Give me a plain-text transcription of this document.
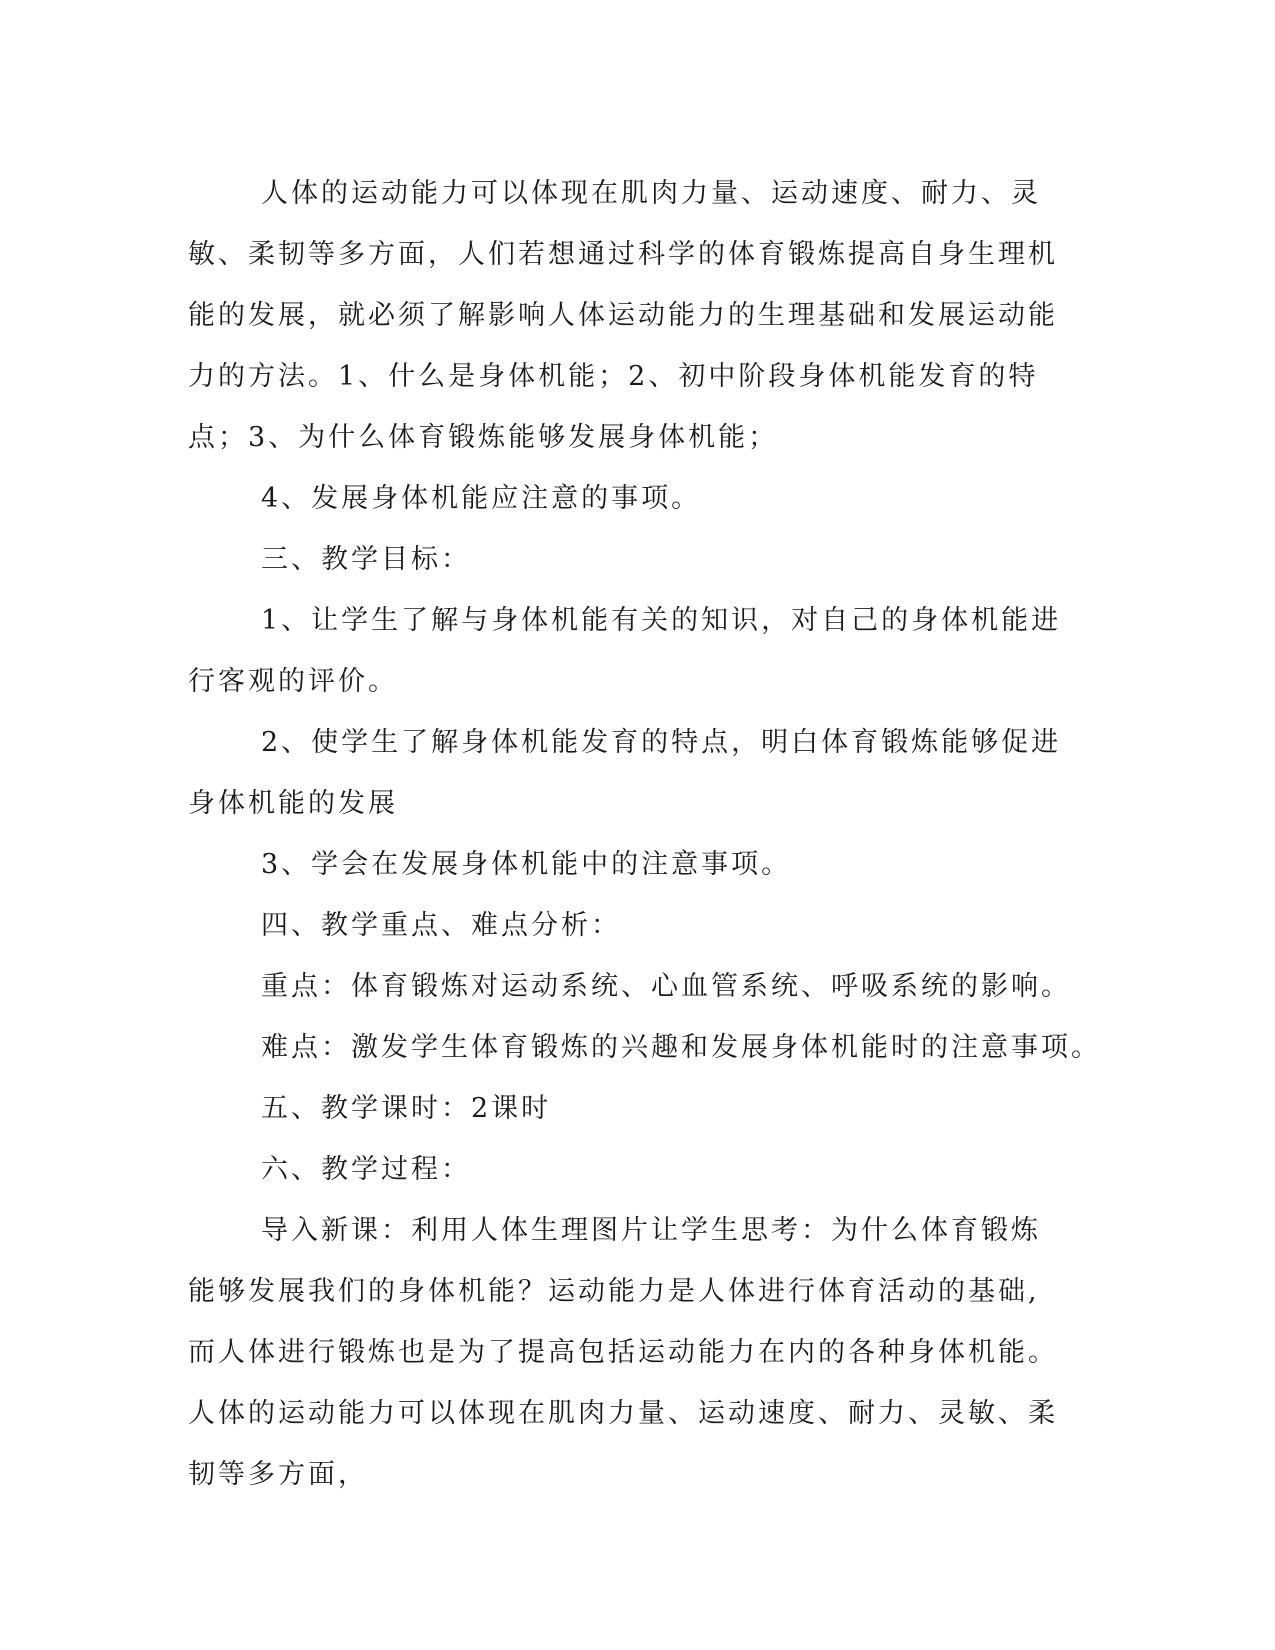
人体的运动能力可以体现在肌肉力量、运动速度、耐力、灵敏、柔韧等多方面，人们若想通过科学的体育锻炼提高自身生理机能的发展，就必须了解影响人体运动能力的生理基础和发展运动能力的方法。1、什么是身体机能；2、初中阶段身体机能发育的特点；3、为什么体育锻炼能够发展身体机能；

4、发展身体机能应注意的事项。

三、教学目标：

1、让学生了解与身体机能有关的知识，对自己的身体机能进行客观的评价。

2、使学生了解身体机能发育的特点，明白体育锻炼能够促进身体机能的发展

3、学会在发展身体机能中的注意事项。

四、教学重点、难点分析：

重点：体育锻炼对运动系统、心血管系统、呼吸系统的影响。

难点：激发学生体育锻炼的兴趣和发展身体机能时的注意事项。

五、教学课时：2课时

六、教学过程：

导入新课：利用人体生理图片让学生思考：为什么体育锻炼能够发展我们的身体机能？运动能力是人体进行体育活动的基础,而人体进行锻炼也是为了提高包括运动能力在内的各种身体机能。人体的运动能力可以体现在肌肉力量、运动速度、耐力、灵敏、柔韧等多方面，
